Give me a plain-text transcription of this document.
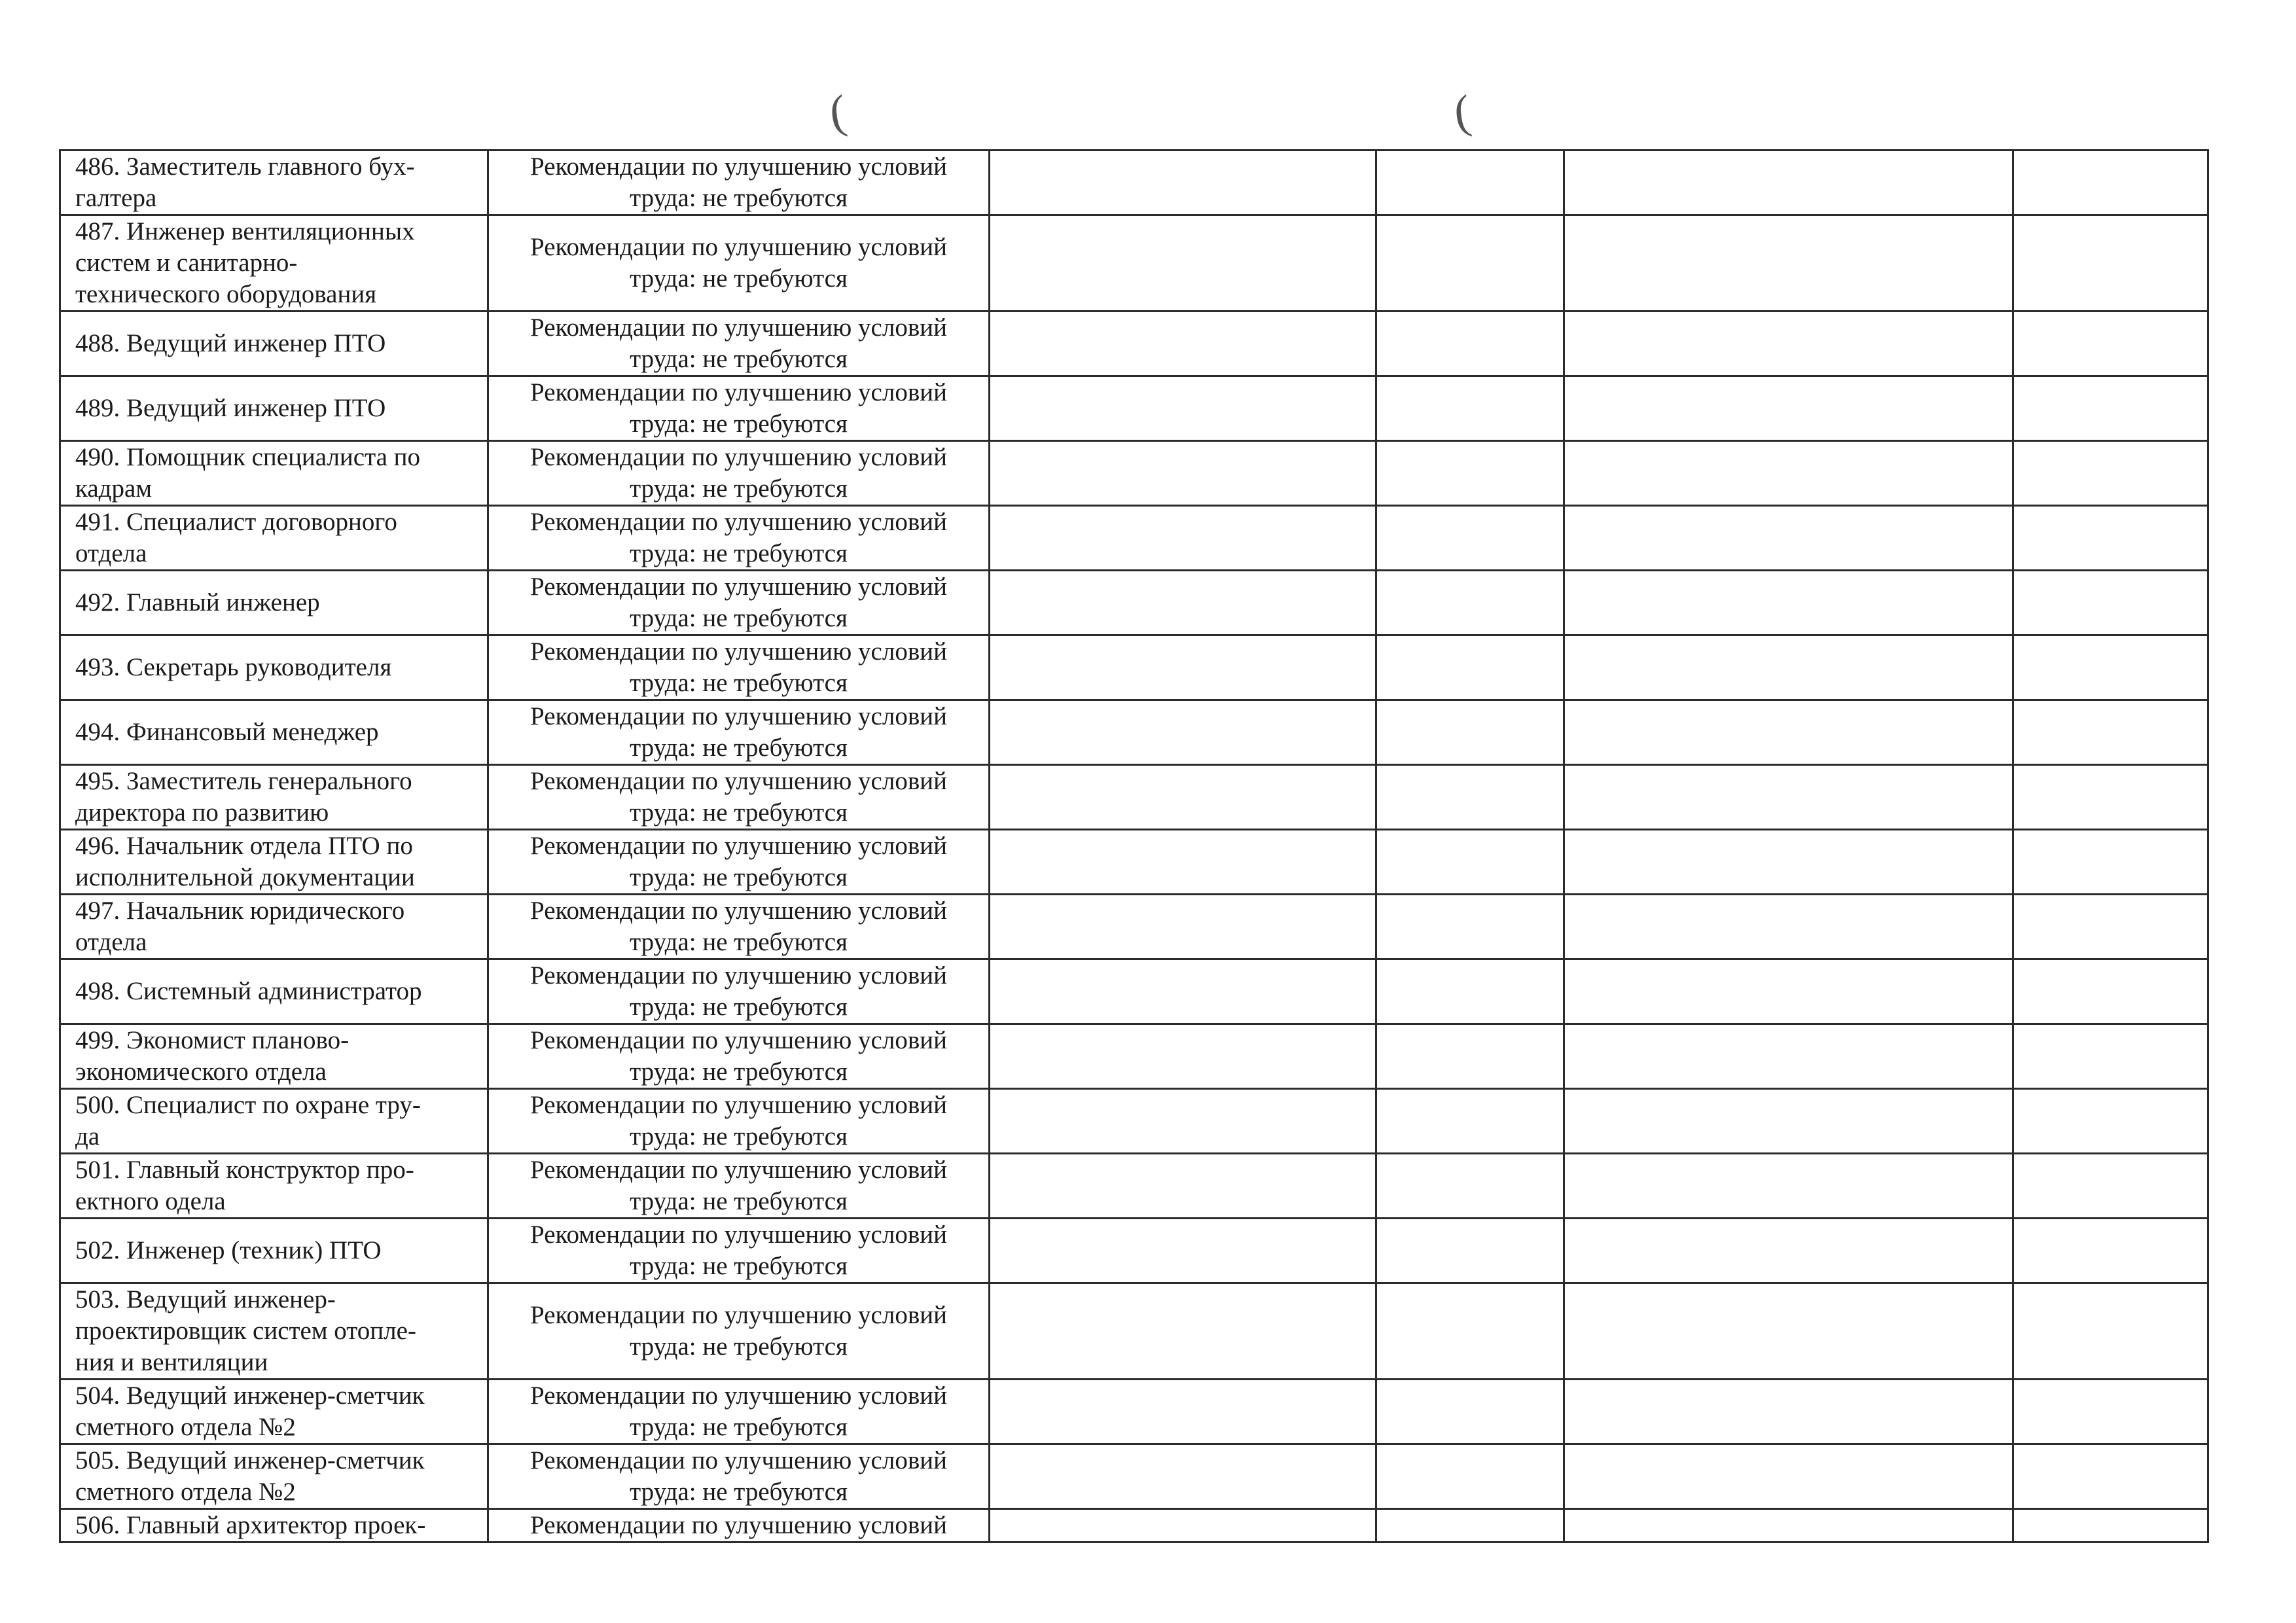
(	(
486. Заместитель главного бух-
галтера	Рекомендации по улучшению условий
труда: не требуются				
487. Инженер вентиляционных
систем и санитарно-
технического оборудования	Рекомендации по улучшению условий
труда: не требуются				
488. Ведущий инженер ПТО	Рекомендации по улучшению условий
труда: не требуются				
489. Ведущий инженер ПТО	Рекомендации по улучшению условий
труда: не требуются				
490. Помощник специалиста по
кадрам	Рекомендации по улучшению условий
труда: не требуются				
491. Специалист договорного
отдела	Рекомендации по улучшению условий
труда: не требуются				
492. Главный инженер	Рекомендации по улучшению условий
труда: не требуются				
493. Секретарь руководителя	Рекомендации по улучшению условий
труда: не требуются				
494. Финансовый менеджер	Рекомендации по улучшению условий
труда: не требуются				
495. Заместитель генерального
директора по развитию	Рекомендации по улучшению условий
труда: не требуются				
496. Начальник отдела ПТО по
исполнительной документации	Рекомендации по улучшению условий
труда: не требуются				
497. Начальник юридического
отдела	Рекомендации по улучшению условий
труда: не требуются				
498. Системный администратор	Рекомендации по улучшению условий
труда: не требуются				
499. Экономист планово-
экономического отдела	Рекомендации по улучшению условий
труда: не требуются				
500. Специалист по охране тру-
да	Рекомендации по улучшению условий
труда: не требуются				
501. Главный конструктор про-
ектного одела	Рекомендации по улучшению условий
труда: не требуются				
502. Инженер (техник) ПТО	Рекомендации по улучшению условий
труда: не требуются				
503. Ведущий инженер-
проектировщик систем отопле-
ния и вентиляции	Рекомендации по улучшению условий
труда: не требуются				
504. Ведущий инженер-сметчик
сметного отдела №2	Рекомендации по улучшению условий
труда: не требуются				
505. Ведущий инженер-сметчик
сметного отдела №2	Рекомендации по улучшению условий
труда: не требуются				
506. Главный архитектор проек-	Рекомендации по улучшению условий				
